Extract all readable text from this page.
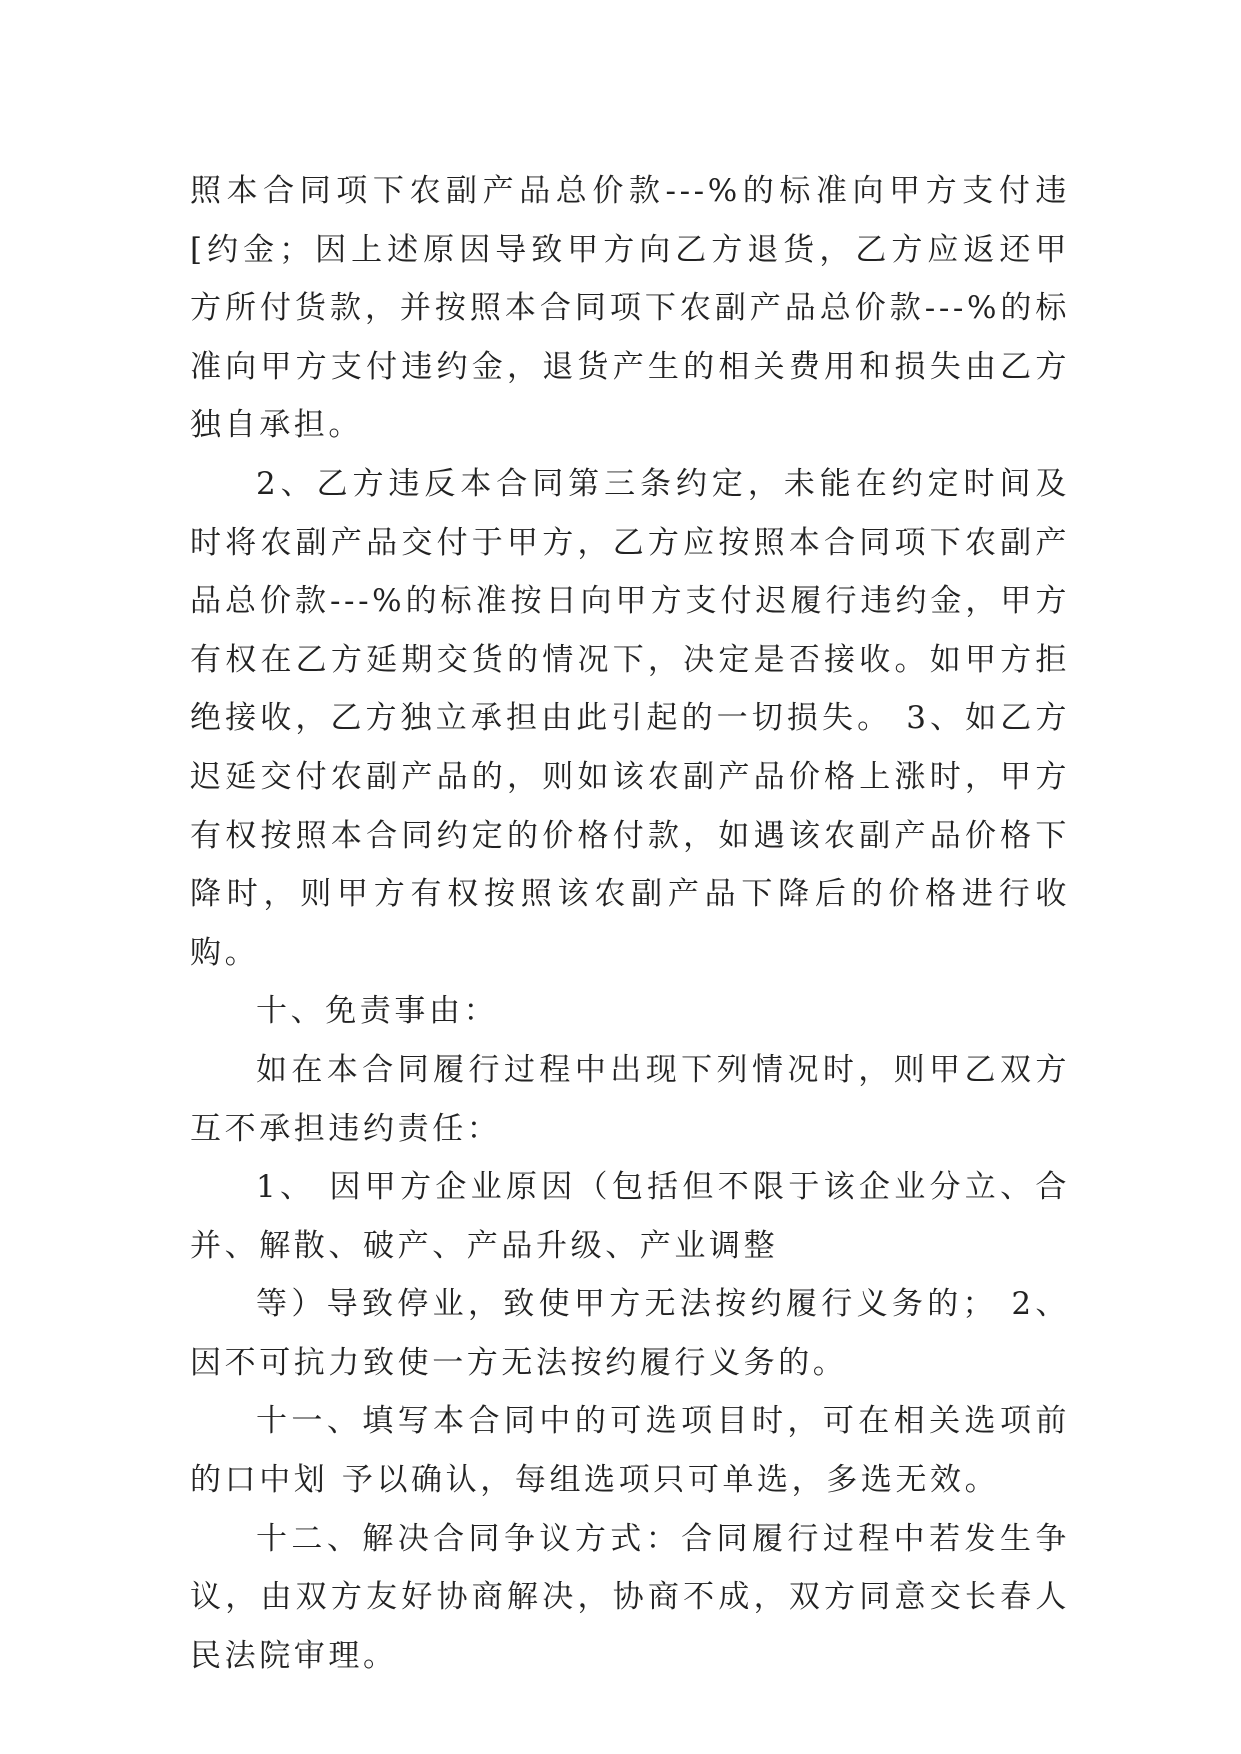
照本合同项下农副产品总价款---%的标准向甲方支付违[约金；因上述原因导致甲方向乙方退货，乙方应返还甲方所付货款，并按照本合同项下农副产品总价款---%的标准向甲方支付违约金，退货产生的相关费用和损失由乙方独自承担。

2、乙方违反本合同第三条约定，未能在约定时间及时将农副产品交付于甲方，乙方应按照本合同项下农副产品总价款---%的标准按日向甲方支付迟履行违约金，甲方有权在乙方延期交货的情况下，决定是否接收。如甲方拒绝接收，乙方独立承担由此引起的一切损失。 3、如乙方迟延交付农副产品的，则如该农副产品价格上涨时，甲方有权按照本合同约定的价格付款，如遇该农副产品价格下降时，则甲方有权按照该农副产品下降后的价格进行收购。

十、免责事由：

如在本合同履行过程中出现下列情况时，则甲乙双方互不承担违约责任：

1、 因甲方企业原因（包括但不限于该企业分立、合并、解散、破产、产品升级、产业调整

等）导致停业，致使甲方无法按约履行义务的； 2、因不可抗力致使一方无法按约履行义务的。

十一、填写本合同中的可选项目时，可在相关选项前的口中划 予以确认，每组选项只可单选，多选无效。

十二、解决合同争议方式：合同履行过程中若发生争议，由双方友好协商解决，协商不成，双方同意交长春人民法院审理。
